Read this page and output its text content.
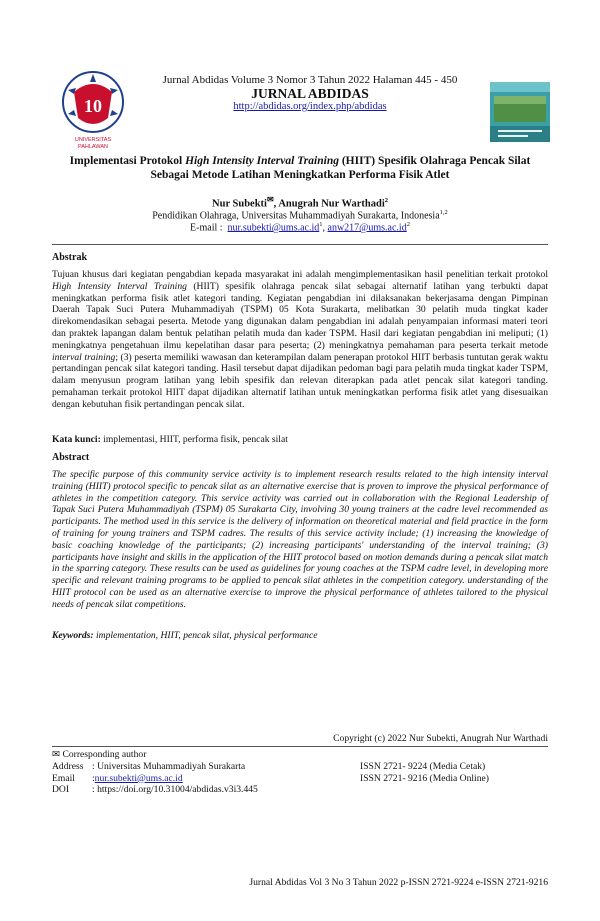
10
UNIVERSITAS
PAHLAWAN
Jurnal Abdidas Volume 3 Nomor 3 Tahun 2022 Halaman 445 - 450
JURNAL ABDIDAS
http://abdidas.org/index.php/abdidas
Implementasi Protokol High Intensity Interval Training (HIIT) Spesifik Olahraga Pencak Silat
Sebagai Metode Latihan Meningkatkan Performa Fisik Atlet
Nur Subekti✉, Anugrah Nur Warthadi$^2$
Pendidikan Olahraga, Universitas Muhammadiyah Surakarta, Indonesia$^{1,2}$
E-mail : $nur.subekti@ums.ac.id^1$, $anw217@ums.ac.id^2$
Abstrak
Tujuan khusus dari kegiatan pengabdian kepada masyarakat ini adalah mengimplementasikan hasil penelitian terkait protokol High Intensity Interval Training (HIIT) spesifik olahraga pencak silat sebagai alternatif latihan yang terbukti dapat meningkatkan performa fisik atlet kategori tanding. Kegiatan pengabdian ini dilaksanakan bekerjasama dengan Pimpinan Daerah Tapak Suci Putera Muhammadiyah (TSPM) 05 Kota Surakarta, melibatkan 30 pelatih muda tingkat kader direkomendasikan sebagai peserta. Metode yang digunakan dalam pengabdian ini adalah penyampaian informasi materi teori dan praktek lapangan dalam bentuk pelatihan pelatih muda dan kader TSPM. Hasil dari kegiatan pengabdian ini meliputi; (1) meningkatnya pengetahuan ilmu kepelatihan dasar para peserta; (2) meningkatnya pemahaman para peserta terkait metode interval training; (3) peserta memiliki wawasan dan keterampilan dalam penerapan protokol HIIT berbasis tuntutan gerak waktu pertandingan pencak silat kategori tanding. Hasil tersebut dapat dijadikan pedoman bagi para pelatih muda tingkat kader TSPM, dalam menyusun program latihan yang lebih spesifik dan relevan diterapkan pada atlet pencak silat kategori tanding. pemahaman terkait protokol HIIT dapat dijadikan alternatif latihan untuk meningkatkan performa fisik atlet yang disesuaikan dengan kebutuhan fisik pertandingan pencak silat.
Kata kunci: implementasi, HIIT, performa fisik, pencak silat
Abstract
The specific purpose of this community service activity is to implement research results related to the high intensity interval training (HIIT) protocol specific to pencak silat as an alternative exercise that is proven to improve the physical performance of athletes in the competition category. This service activity was carried out in collaboration with the Regional Leadership of Tapak Suci Putera Muhammadiyah (TSPM) 05 Surakarta City, involving 30 young trainers at the cadre level recommended as participants. The method used in this service is the delivery of information on theoretical material and field practice in the form of training for young trainers and TSPM cadres. The results of this service activity include; (1) increasing the knowledge of basic coaching knowledge of the participants; (2) increasing participants' understanding of the interval training; (3) participants have insight and skills in the application of the HIIT protocol based on motion demands during a pencak silat match in the sparring category. These results can be used as guidelines for young coaches at the TSPM cadre level, in developing more specific and relevant training programs to be applied to pencak silat athletes in the competition category. understanding of the HIIT protocol can be used as an alternative exercise to improve the physical performance of athletes tailored to the physical needs of pencak silat competitions.
Keywords: implementation, HIIT, pencak silat, physical performance
Copyright (c) 2022 Nur Subekti, Anugrah Nur Warthadi
✉ Corresponding author
Address : Universitas Muhammadiyah Surakarta
Email :nur.subekti@ums.ac.id
DOI : https://doi.org/10.31004/abdidas.v3i3.445
ISSN 2721- 9224 (Media Cetak)
ISSN 2721- 9216 (Media Online)
Jurnal Abdidas Vol 3 No 3 Tahun 2022 p-ISSN 2721-9224 e-ISSN 2721-9216
